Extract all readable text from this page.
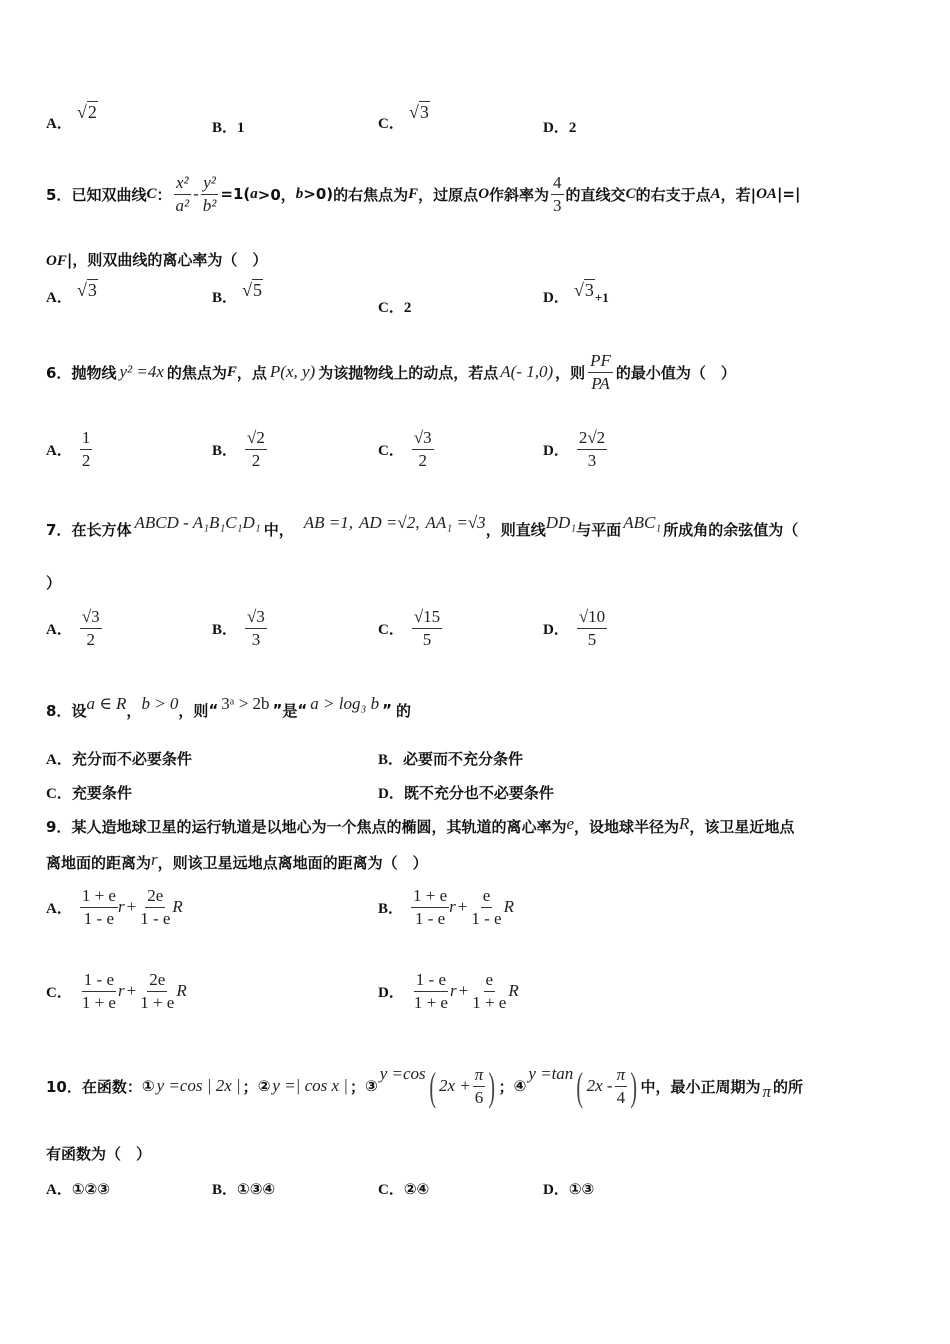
A． √2
B．1	C． √3
D．2
5． 已知双曲线 C ： $\frac{\text{x²}}{\text{a²}} - \frac{\text{y²}}{\text{b²}} =1$( a >0， b >0) 的右焦点为 F ，过原点 O 作斜率为 $\frac{4}{3}$ 的直线交 C 的右支于点 A ，若| OA |=|
OF|，则双曲线的离心率为（　）
A． √3	B． √5
C．2
D． √3+1
6． 抛物线 y² =4x 的焦点为 F ，点 P(x, y) 为该抛物线上的动点，若点 A(- 1,0) ，则 $\frac{PF}{PA}$ 的最小值为（　）
A． $\frac{1}{2}$	B． $\frac{√2}{2}$	C． $\frac{√3}{2}$	D． $\frac{2√2}{3}$
7． 在长方体 ABCD - A₁B₁C₁D₁ 中， AB =1, AD =√2, AA₁ =√3 ，则直线 DD₁ 与平面 ABC₁ 所成角的余弦值为（
）
A． $\frac{√3}{2}$	B． $\frac{√3}{3}$	C． $\frac{√15}{5}$	D． $\frac{√10}{5}$
8． 设 a ∈ R ， b > 0 ，则 “ 3ᵃ > 2b ” 是 “ a > log₃ b ” 的
A．充分而不必要条件	B．必要而不充分条件
C．充要条件	D．既不充分也不必要条件
9．某人造地球卫星的运行轨道是以地心为一个焦点的椭圆，其轨道的离心率为e，设地球半径为R，该卫星近地点
离地面的距离为r，则该卫星远地点离地面的距离为（　）
A． $\frac{1 + e}{1 - e}$ $r + \frac{2e}{1 - e}$ R	B． $\frac{1 + e}{1 - e}$ $r + \frac{e}{1 - e}$ R
C． $\frac{1 - e}{1 + e}$ $r + \frac{2e}{1 + e}$ R	D． $\frac{1 - e}{1 + e}$ $r + \frac{e}{1 + e}$ R
10． 在函数： ① y =cos | 2x | ； ② y =| cos x | ； ③
y =cos ( $2x + \frac{\pi}{6}$ ) ； ④
y =tan ( $2x - \frac{\pi}{4}$ ) 中，最小正周期为 π 的所
有函数为（　）
A．①②③	B．①③④	C．②④	D．①③
